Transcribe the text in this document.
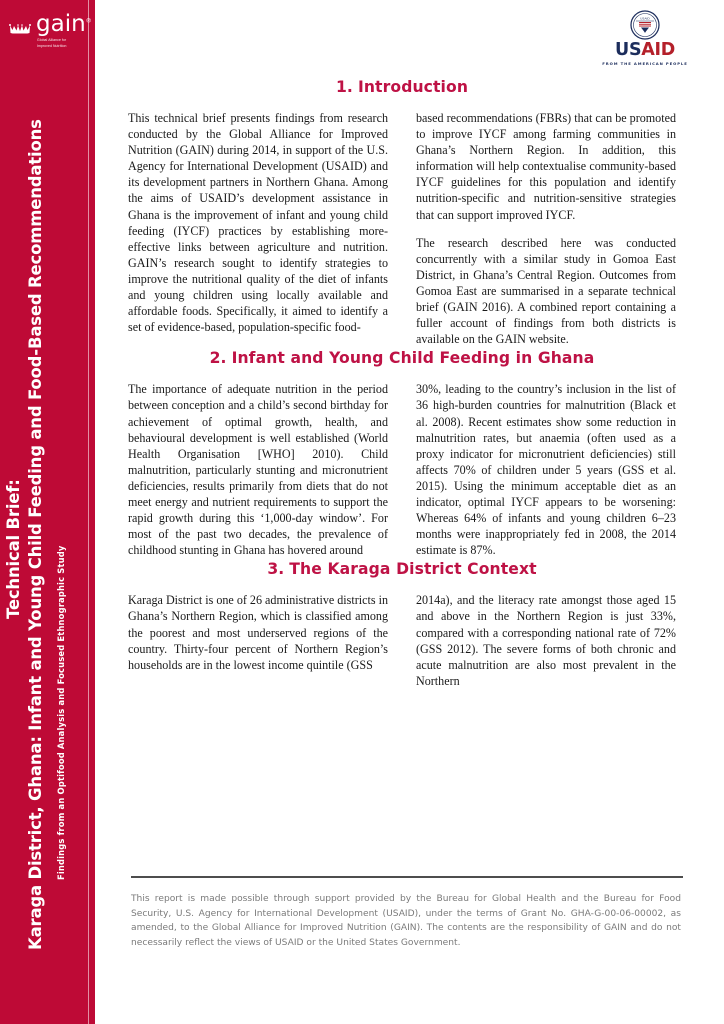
gain®
Global Alliance for
Improved Nutrition
Technical Brief: Karaga District, Ghana: Infant and Young Child Feeding and Food-Based Recommendations Findings from an Optifood Analysis and Focused Ethnographic Study
USAID
USAID
FROM THE AMERICAN PEOPLE
1. Introduction

This technical brief presents findings from research conducted by the Global Alliance for Improved Nutrition (GAIN) during 2014, in support of the U.S. Agency for International Development (USAID) and its development partners in Northern Ghana. Among the aims of USAID’s development assistance in Ghana is the improvement of infant and young child feeding (IYCF) practices by establishing more-effective links between agriculture and nutrition. GAIN’s research sought to identify strategies to improve the nutritional quality of the diet of infants and young children using locally available and affordable foods. Specifically, it aimed to identify a set of evidence-based, population-specific food-

based recommendations (FBRs) that can be promoted to improve IYCF among farming communities in Ghana’s Northern Region. In addition, this information will help contextualise community-based IYCF guidelines for this population and identify nutrition-specific and nutrition-sensitive strategies that can support improved IYCF.

The research described here was conducted concurrently with a similar study in Gomoa East District, in Ghana’s Central Region. Outcomes from Gomoa East are summarised in a separate technical brief (GAIN 2016). A combined report containing a fuller account of findings from both districts is available on the GAIN website.

2. Infant and Young Child Feeding in Ghana

The importance of adequate nutrition in the period between conception and a child’s second birthday for achievement of optimal growth, health, and behavioural development is well established (World Health Organisation [WHO] 2010). Child malnutrition, particularly stunting and micronutrient deficiencies, results primarily from diets that do not meet energy and nutrient requirements to support the rapid growth during this ‘1,000-day window’. For most of the past two decades, the prevalence of childhood stunting in Ghana has hovered around

30%, leading to the country’s inclusion in the list of 36 high-burden countries for malnutrition (Black et al. 2008). Recent estimates show some reduction in malnutrition rates, but anaemia (often used as a proxy indicator for micronutrient deficiencies) still affects 70% of children under 5 years (GSS et al. 2015). Using the minimum acceptable diet as an indicator, optimal IYCF appears to be worsening: Whereas 64% of infants and young children 6–23 months were inappropriately fed in 2008, the 2014 estimate is 87%.

3. The Karaga District Context

Karaga District is one of 26 administrative districts in Ghana’s Northern Region, which is classified among the poorest and most underserved regions of the country. Thirty-four percent of Northern Region’s households are in the lowest income quintile (GSS

2014a), and the literacy rate amongst those aged 15 and above in the Northern Region is just 33%, compared with a corresponding national rate of 72% (GSS 2012). The severe forms of both chronic and acute malnutrition are also most prevalent in the Northern

This report is made possible through support provided by the Bureau for Global Health and the Bureau for Food Security, U.S. Agency for International Development (USAID), under the terms of Grant No. GHA-G-00-06-00002, as amended, to the Global Alliance for Improved Nutrition (GAIN). The contents are the responsibility of GAIN and do not necessarily reflect the views of USAID or the United States Government.
